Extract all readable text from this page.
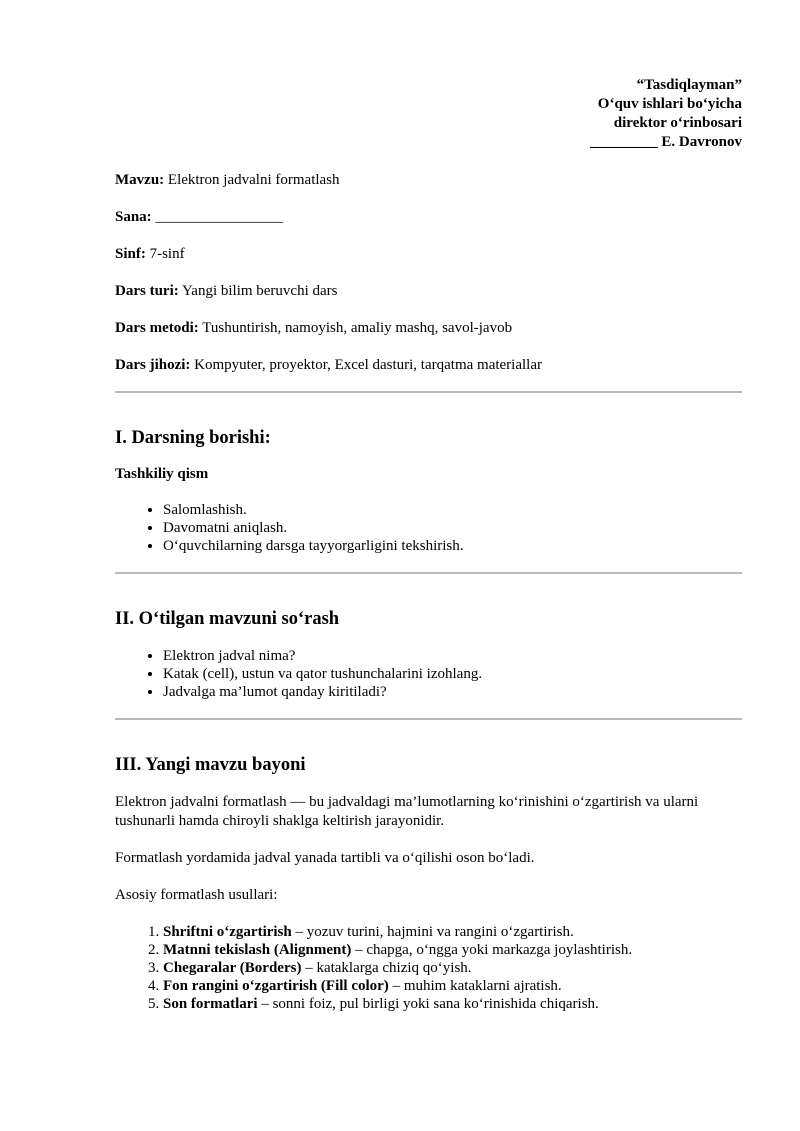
“Tasdiqlayman”
O‘quv ishlari bo‘yicha
direktor o‘rinbosari
_________ E. Davronov

Mavzu: Elektron jadvalni formatlash

Sana: _________________

Sinf: 7-sinf

Dars turi: Yangi bilim beruvchi dars

Dars metodi: Tushuntirish, namoyish, amaliy mashq, savol-javob

Dars jihozi: Kompyuter, proyektor, Excel dasturi, tarqatma materiallar

I. Darsning borishi:
Tashkiliy qism
• Salomlashish.
• Davomatni aniqlash.
• O‘quvchilarning darsga tayyorgarligini tekshirish.
II. O‘tilgan mavzuni so‘rash
• Elektron jadval nima?
• Katak (cell), ustun va qator tushunchalarini izohlang.
• Jadvalga ma’lumot qanday kiritiladi?
III. Yangi mavzu bayoni

Elektron jadvalni formatlash — bu jadvaldagi ma’lumotlarning ko‘rinishini o‘zgartirish va ularni tushunarli hamda chiroyli shaklga keltirish jarayonidir.

Formatlash yordamida jadval yanada tartibli va o‘qilishi oson bo‘ladi.

Asosiy formatlash usullari:

1. Shriftni o‘zgartirish – yozuv turini, hajmini va rangini o‘zgartirish.
2. Matnni tekislash (Alignment) – chapga, o‘ngga yoki markazga joylashtirish.
3. Chegaralar (Borders) – kataklarga chiziq qo‘yish.
4. Fon rangini o‘zgartirish (Fill color) – muhim kataklarni ajratish.
5. Son formatlari – sonni foiz, pul birligi yoki sana ko‘rinishida chiqarish.
